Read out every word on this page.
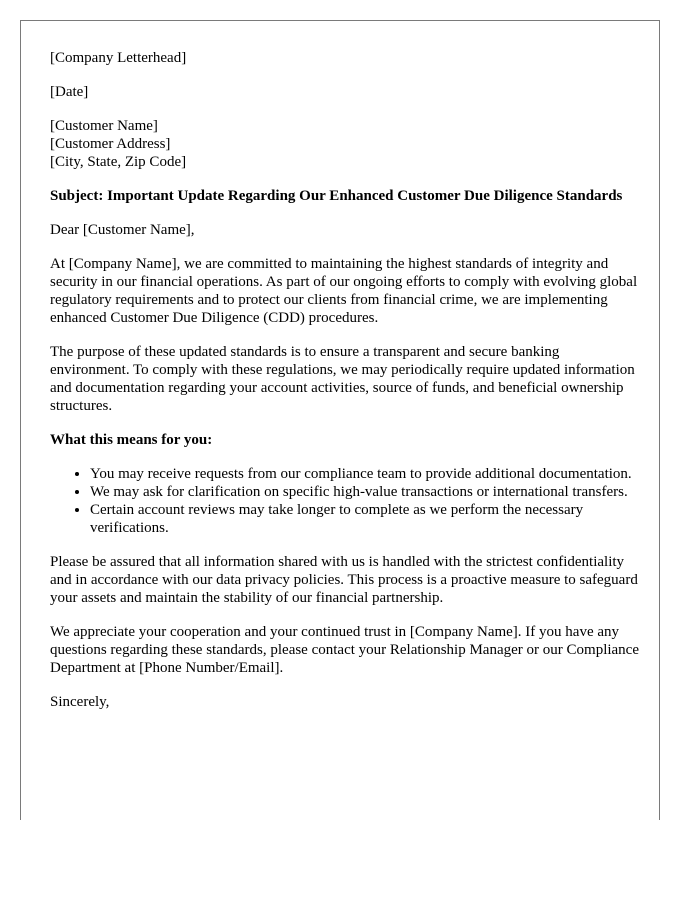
[Company Letterhead]

[Date]

[Customer Name]
[Customer Address]
[City, State, Zip Code]

Subject: Important Update Regarding Our Enhanced Customer Due Diligence Standards

Dear [Customer Name],

At [Company Name], we are committed to maintaining the highest standards of integrity and security in our financial operations. As part of our ongoing efforts to comply with evolving global regulatory requirements and to protect our clients from financial crime, we are implementing enhanced Customer Due Diligence (CDD) procedures.

The purpose of these updated standards is to ensure a transparent and secure banking environment. To comply with these regulations, we may periodically require updated information and documentation regarding your account activities, source of funds, and beneficial ownership structures.

What this means for you:

• You may receive requests from our compliance team to provide additional documentation.
• We may ask for clarification on specific high-value transactions or international transfers.
• Certain account reviews may take longer to complete as we perform the necessary verifications.

Please be assured that all information shared with us is handled with the strictest confidentiality and in accordance with our data privacy policies. This process is a proactive measure to safeguard your assets and maintain the stability of our financial partnership.

We appreciate your cooperation and your continued trust in [Company Name]. If you have any questions regarding these standards, please contact your Relationship Manager or our Compliance Department at [Phone Number/Email].

Sincerely,
